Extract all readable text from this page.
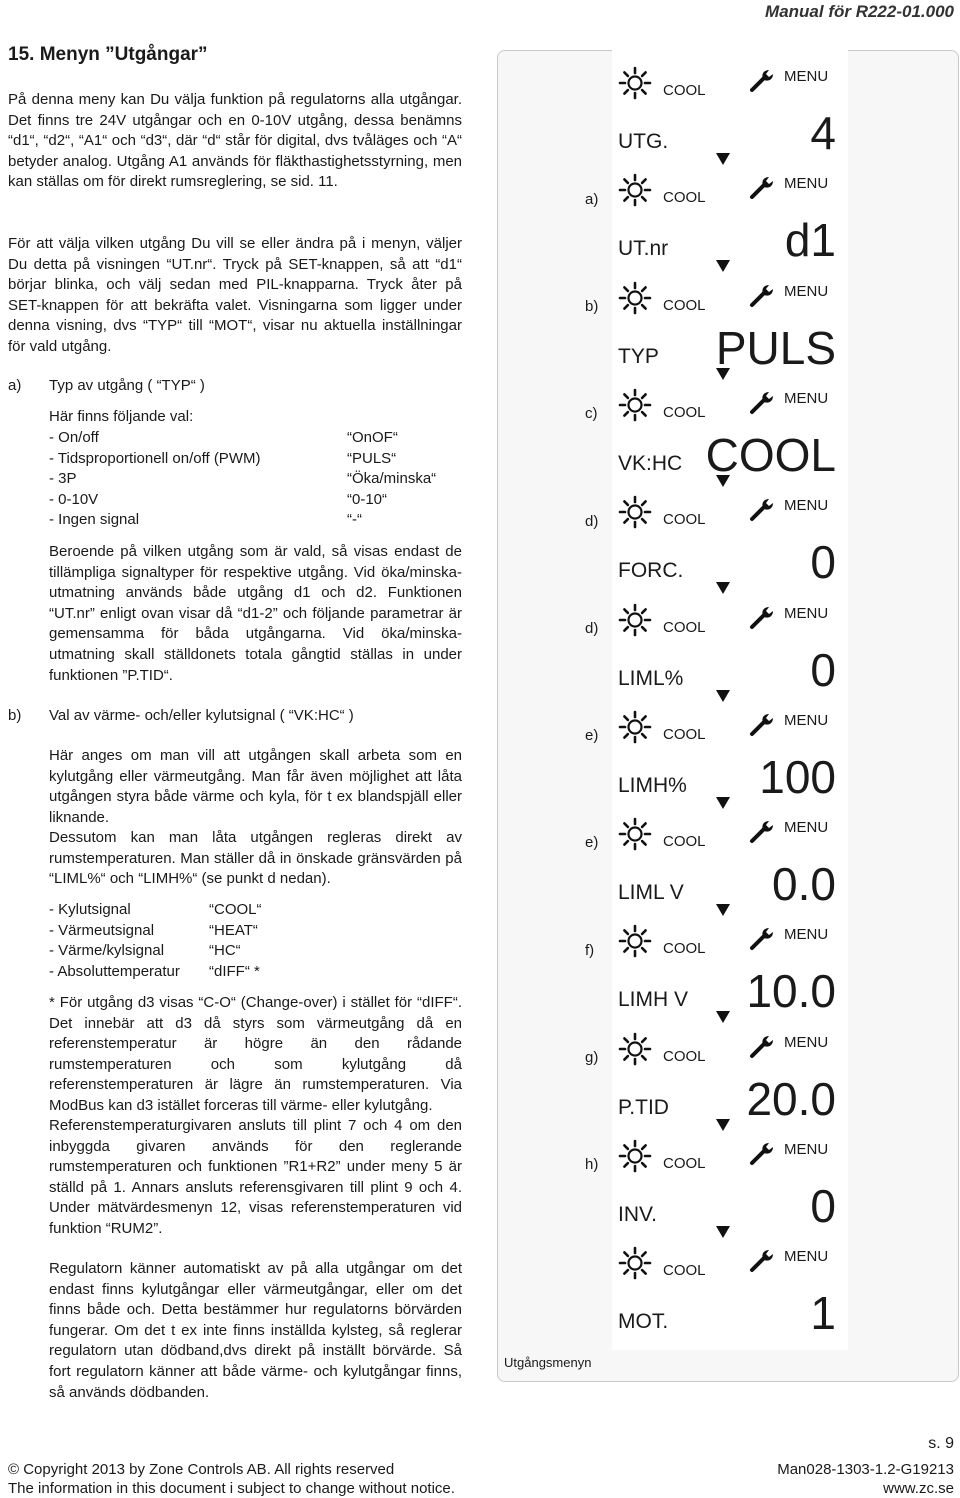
Manual för R222-01.000
15. Menyn ”Utgångar”

På denna meny kan Du välja funktion på regulatorns alla utgångar. Det finns tre 24V utgångar och en 0-10V utgång, dessa benämns “d1“, “d2“, “A1“ och “d3“, där “d“ står för digital, dvs tvåläges och “A“ betyder analog. Utgång A1 används för fläkthastighetsstyrning, men kan ställas om för direkt rumsreglering, se sid. 11.

För att välja vilken utgång Du vill se eller ändra på i menyn, väljer Du detta på visningen “UT.nr“. Tryck på SET-knappen, så att “d1“ börjar blinka, och välj sedan med PIL-knapparna. Tryck åter på SET-knappen för att bekräfta valet. Visningarna som ligger under denna visning, dvs “TYP“ till “MOT“, visar nu aktuella inställningar för vald utgång.

a) Typ av utgång ( “TYP“ )
Här finns följande val:
- On/off	“OnOF“
- Tidsproportionell on/off (PWM)	“PULS“
- 3P	“Öka/minska“
- 0-10V	“0-10“
- Ingen signal	“-“

Beroende på vilken utgång som är vald, så visas endast de tillämpliga signaltyper för respektive utgång. Vid öka/minska-utmatning används både utgång d1 och d2. Funktionen “UT.nr” enligt ovan visar då “d1-2” och följande parametrar är gemensamma för båda utgångarna. Vid öka/minska-utmatning skall ställdonets totala gångtid ställas in under funktionen ”P.TID“.

b) Val av värme- och/eller kylutsignal ( “VK:HC“ )

Här anges om man vill att utgången skall arbeta som en kylutgång eller värmeutgång. Man får även möjlighet att låta utgången styra både värme och kyla, för t ex blandspjäll eller liknande.

Dessutom kan man låta utgången regleras direkt av rumstemperaturen. Man ställer då in önskade gränsvärden på “LIML%“ och “LIMH%“ (se punkt d nedan).

- Kylutsignal	“COOL“
- Värmeutsignal	“HEAT“
- Värme/kylsignal	“HC“
- Absoluttemperatur “dIFF“ *

* För utgång d3 visas “C-O“ (Change-over) i stället för “dIFF“. Det innebär att d3 då styrs som värmeutgång då en referenstemperatur är högre än den rådande rumstemperaturen och som kylutgång då referenstemperaturen är lägre än rumstemperaturen. Via ModBus kan d3 istället forceras till värme- eller kylutgång.

Referenstemperaturgivaren ansluts till plint 7 och 4 om den inbyggda givaren används för den reglerande rumstemperaturen och funktionen ”R1+R2” under meny 5 är ställd på 1. Annars ansluts referensgivaren till plint 9 och 4. Under mätvärdesmenyn 12, visas referenstemperaturen vid funktion “RUM2”.

Regulatorn känner automatiskt av på alla utgångar om det endast finns kylutgångar eller värmeutgångar, eller om det finns både och. Detta bestämmer hur regulatorns börvärden fungerar. Om det t ex inte finns inställda kylsteg, så reglerar regulatorn utan dödband,dvs direkt på inställt börvärde. Så fort regulatorn känner att både värme- och kylutgångar finns, så används dödbanden.

COOL
MENU
UTG.	4
COOL
MENU
UT.nr	d1
COOL
MENU
TYP PULS
a)
COOL
MENU
VK:HC COOL
b)
COOL
MENU
FORC.	0
c)
COOL
MENU
LIML%	0
d)
COOL
MENU
LIMH% 100
d)
COOL
MENU
LIML V 0.0
e)
COOL
MENU
LIMH V 10.0
e)
COOL
MENU
P.TID 20.0
f)
COOL
MENU
INV.	0
g)
COOL
MENU
MOT.	1
h)
Utgångsmenyn
s. 9
© Copyright 2013 by Zone Controls AB. All rights reserved
The information in this document i subject to change without notice.
Man028-1303-1.2-G19213
www.zc.se
